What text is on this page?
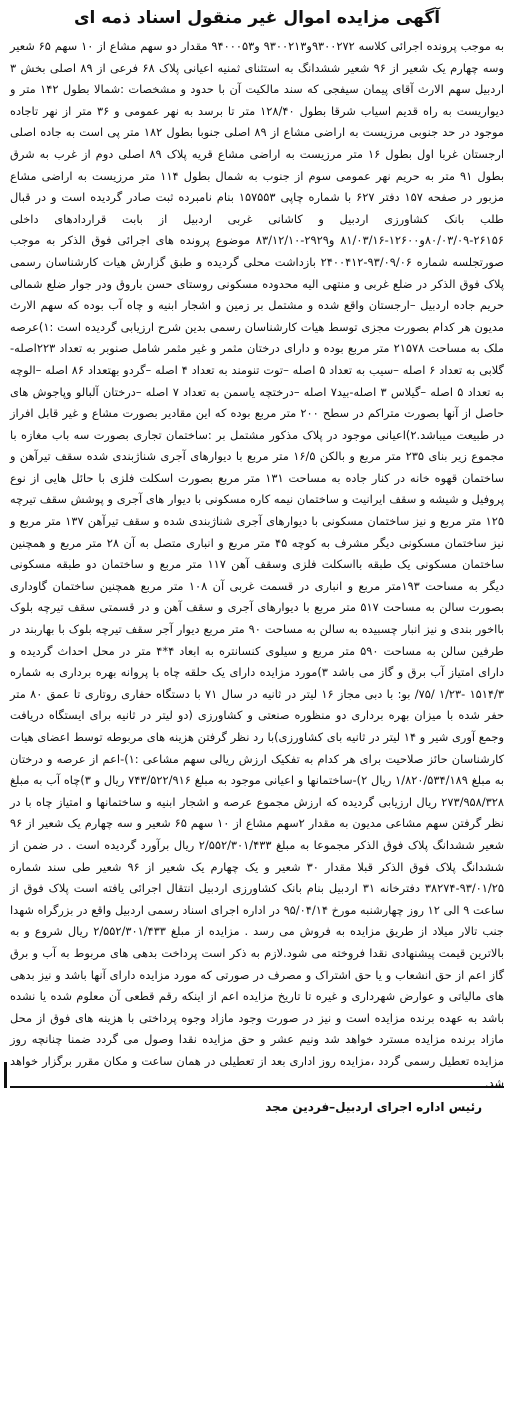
آگهی مزایده اموال غیر منقول اسناد ذمه ای

به موجب پرونده اجرائی کلاسه ۹۳۰۰۲۷۲و۹۳۰۰۲۱۳ و۹۴۰۰۰۵۳ مقدار دو سهم مشاع از ۱۰ سهم ۶۵ شعیر وسه چهارم یک شعیر از ۹۶ شعیر ششدانگ به استثنای ثمنیه اعیانی پلاک ۶۸ فرعی از ۸۹ اصلی بخش ۳ اردبیل سهم الارث آقای پیمان سیفجی که سند مالکیت آن با حدود و مشخصات :شمالا بطول ۱۴۲ متر و دیواریست به راه قدیم اسیاب شرقا بطول ۱۲۸/۴۰ متر تا برسد به نهر عمومی و ۳۶ متر از نهر تاجاده موجود در حد جنوبی مرزیست به اراضی مشاع از ۸۹ اصلی جنوبا بطول ۱۸۲ متر پی است به جاده اصلی ارجستان غربا اول بطول ۱۶ متر مرزیست به اراضی مشاع قریه پلاک ۸۹ اصلی دوم از غرب به شرق بطول ۹۱ متر به حریم نهر عمومی سوم از جنوب به شمال بطول ۱۱۴ متر مرزیست به اراضی مشاع مزبور در صفحه ۱۵۷ دفتر ۶۲۷ با شماره چاپی ۱۵۷۵۵۳ بنام نامبرده ثبت صادر گردیده است و در قبال طلب بانک کشاورزی اردبیل و کاشانی غربی اردبیل از بابت قراردادهای داخلی ۲۶۱۵۶-۸۰/۰۳/۰۹و۱۲۶۰۰-۸۱/۰۳/۱۶ و۲۹۲۹-۸۳/۱۲/۱۰ موضوع پرونده های اجرائی فوق الذکر به موجب صورتجلسه شماره ۹۳/۰۹/۰۶-۲۴۰۰۴۱۲ بازداشت محلی گردیده و طبق گزارش هیات کارشناسان رسمی پلاک فوق الذکر در ضلع غربی و منتهی الیه محدوده مسکونی روستای حسن باروق ودر جوار ضلع شمالی حریم جاده اردبیل –ارجستان واقع شده و مشتمل بر زمین و اشجار ابنیه و چاه آب بوده که سهم الارث مدیون هر کدام بصورت مجزی توسط هیات کارشناسان رسمی بدین شرح ارزیابی گردیده است :۱)عرصه ملک به مساحت ۲۱۵۷۸ متر مربع بوده و دارای درختان مثمر و غیر مثمر شامل صنوبر به تعداد ۲۲۳اصله-گلابی به تعداد ۶ اصله –سیب به تعداد ۵ اصله –توت تنومند به تعداد ۴ اصله –گردو بهتعداد ۸۶ اصله –الوچه به تعداد ۵ اصله –گیلاس ۳ اصله-بید۷ اصله –درختچه یاسمن به تعداد ۷ اصله –درختان آلبالو وپاجوش های حاصل از آنها بصورت متراکم در سطح ۲۰۰ متر مربع بوده که این مقادیر بصورت مشاع و غیر قابل افراز در طبیعت میباشد.۲)اعیانی موجود در پلاک مذکور مشتمل بر :ساختمان تجاری بصورت سه باب مغازه با مجموع زیر بنای ۲۳۵ متر مربع و بالکن ۱۶/۵ متر مربع با دیوارهای آجری شناژبندی شده سقف تیرآهن و ساختمان قهوه خانه در کنار جاده به مساحت ۱۳۱ متر مربع بصورت اسکلت فلزی با حائل هایی از نوع پروفیل و شیشه و سقف ایرانیت و ساختمان نیمه کاره مسکونی با دیوار های آجری و پوشش سقف تیرچه ۱۲۵ متر مربع و نیز ساختمان مسکونی با دیوارهای آجری شناژبندی شده و سقف تیرآهن ۱۳۷ متر مربع و نیز ساختمان مسکونی دیگر مشرف به کوچه ۴۵ متر مربع و انباری متصل به آن ۲۸ متر مربع و همچنین ساختمان مسکونی یک طبقه بااسکلت فلزی وسقف آهن ۱۱۷ متر مربع و ساختمان دو طبقه مسکونی دیگر به مساحت ۱۹۳متر مربع و انباری در قسمت غربی آن ۱۰۸ متر مربع همچنین ساختمان گاوداری بصورت سالن به مساحت ۵۱۷ متر مربع با دیوارهای آجری و سقف آهن و در قسمتی سقف تیرچه بلوک بااخور بندی و نیز انبار چسبیده به سالن به مساحت ۹۰ متر مربع دیوار آجر سقف تیرچه بلوک با بهاربند در طرفین سالن به مساحت ۵۹۰ متر مربع و سیلوی کنسانتره به ابعاد ۴*۴ متر در محل احداث گردیده و دارای امتیاز آب برق و گاز می باشد ۳)مورد مزایده دارای یک حلقه چاه با پروانه بهره برداری به شماره ۱۵۱۴/۳ -۱/۲۳ /۷۵/ بو: با دبی مجاز ۱۶ لیتر در ثانیه در سال ۷۱ با دستگاه حفاری روتاری تا عمق ۸۰ متر حفر شده با میزان بهره برداری دو منظوره صنعتی و کشاورزی (دو لیتر در ثانیه برای ایستگاه دریافت وجمع آوری شیر و ۱۴ لیتر در ثانیه بای کشاورزی)با رد نظر گرفتن هزینه های مربوطه توسط اعضای هیات کارشناسان حائز صلاحیت برای هر کدام به تفکیک ارزش ریالی سهم مشاعی :۱)-اعم از عرصه و درختان به مبلغ ۱/۸۲۰/۵۳۴/۱۸۹ ریال ۲)-ساختمانها و اعیانی موجود به مبلغ ۷۴۳/۵۲۲/۹۱۶ ریال و ۳)چاه آب به مبلغ ۲۷۳/۹۵۸/۳۲۸ ریال ارزیابی گردیده که ارزش مجموع عرصه و اشجار ابنیه و ساختمانها و امتیاز چاه با در نظر گرفتن سهم مشاعی مدیون به مقدار ۲سهم مشاع از ۱۰ سهم ۶۵ شعیر و سه چهارم یک شعیر از ۹۶ شعیر ششدانگ پلاک فوق الذکر مجموعا به مبلغ ۲/۵۵۲/۳۰۱/۴۳۳ ریال برآورد گردیده است . در ضمن از ششدانگ پلاک فوق الذکر قبلا مقدار ۳۰ شعیر و یک چهارم یک شعیر از ۹۶ شعیر طی سند شماره ۹۳/۰۱/۲۵-۳۸۲۷۴ دفترخانه ۳۱ اردبیل بنام بانک کشاورزی اردبیل انتقال اجرائی یافته است پلاک فوق از ساعت ۹ الی ۱۲ روز چهارشنبه مورخ ۹۵/۰۴/۱۴ در اداره اجرای اسناد رسمی اردبیل واقع در بزرگراه شهدا جنب تالار میلاد از طریق مزایده به فروش می رسد . مزایده از مبلغ ۲/۵۵۲/۳۰۱/۴۳۳ ریال شروع و به بالاترین قیمت پیشنهادی نقدا فروخته می شود.لازم به ذکر است پرداخت بدهی های مربوط به آب و برق گاز اعم از حق انشعاب و یا حق اشتراک و مصرف در صورتی که مورد مزایده دارای آنها باشد و نیز بدهی های مالیاتی و عوارض شهرداری و غیره تا تاریخ مزایده اعم از اینکه رقم قطعی آن معلوم شده یا نشده باشد به عهده برنده مزایده است و نیز در صورت وجود مازاد وجوه پرداختی با هزینه های فوق از محل مازاد برنده مزایده مسترد خواهد شد ونیم عشر و حق مزایده نقدا وصول می گردد ضمنا چنانچه روز مزایده تعطیل رسمی گردد ،مزایده روز اداری بعد از تعطیلی در همان ساعت و مکان مقرر برگزار خواهد شد.

رئیس اداره اجرای اردبیل–فردین مجد
